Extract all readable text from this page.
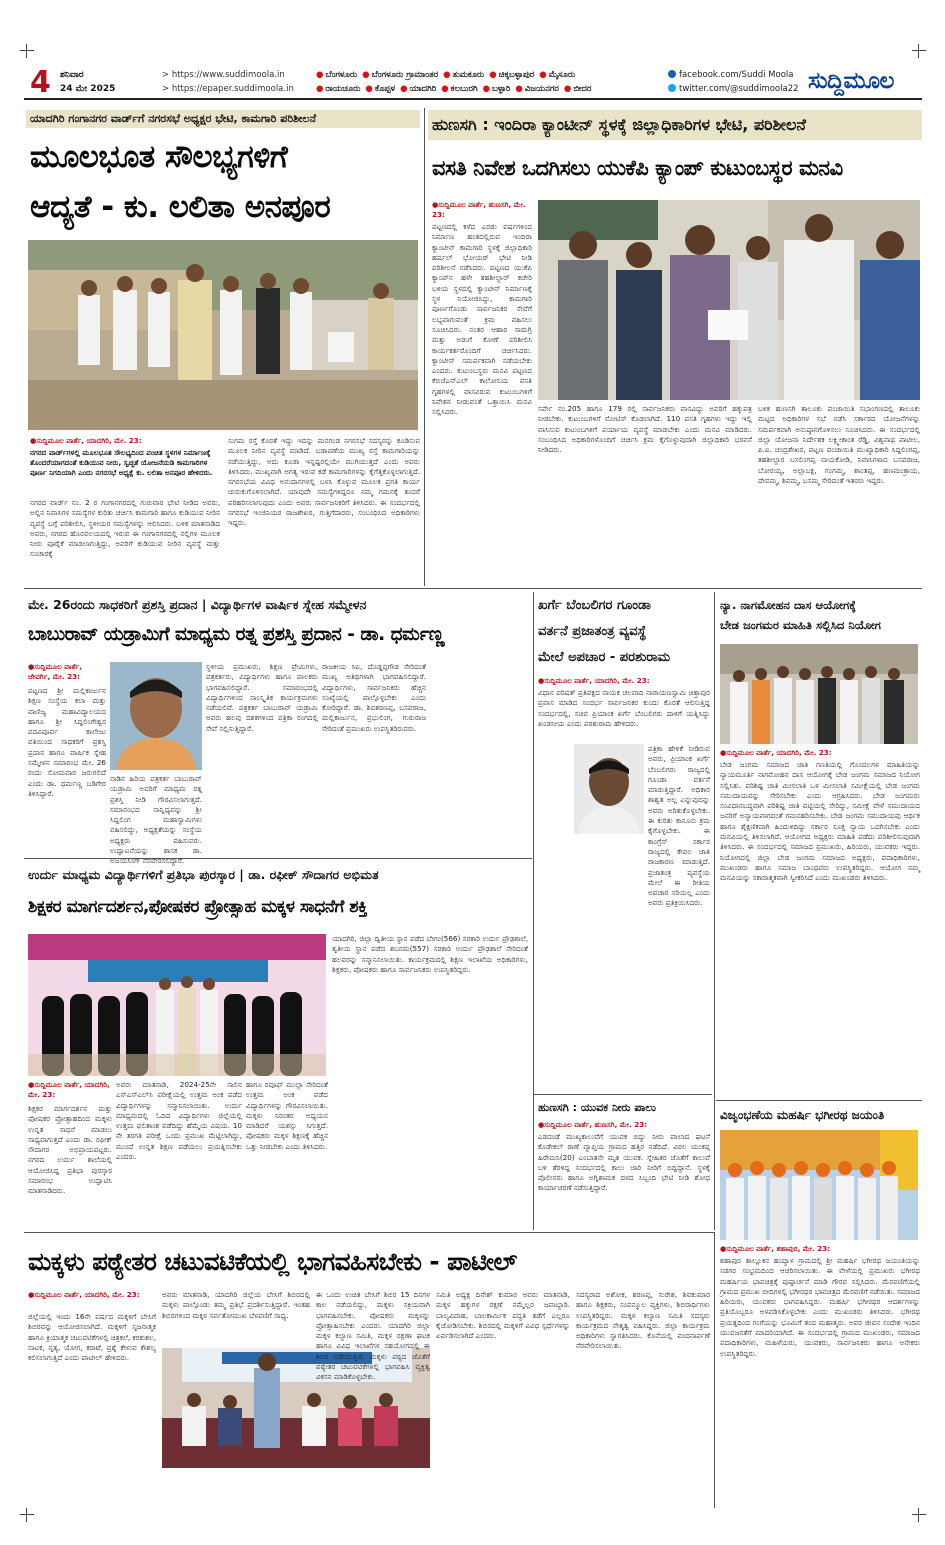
4 ಶನಿವಾರ
24 ಮೇ 2025
> https://www.suddimoola.in
> https://epaper.suddimoola.in
● ಬೆಂಗಳೂರು ● ಬೆಂಗಳೂರು ಗ್ರಾಮಾಂತರ ● ತುಮಕೂರು ● ಚಿಕ್ಕಬಳ್ಳಾಪುರ ● ಮೈಸೂರು
● ರಾಯಚೂರು ● ಕೊಪ್ಪಳ ● ಯಾದಗಿರಿ ● ಕಲಬುರಗಿ ● ಬಳ್ಳಾರಿ ● ವಿಜಯನಗರ ● ಬೀದರ
facebook.com/Suddi Moola
twitter.com/@suddimoola22 ಸುದ್ದಿಮೂಲ
ಯಾದಗಿರಿ ಗಂಗಾನಗರ ವಾರ್ಡ್‌ಗೆ ನಗರಸಭೆ ಅಧ್ಯಕ್ಷರ ಭೇಟಿ, ಕಾಮಗಾರಿ ಪರಿಶೀಲನೆ
ಮೂಲಭೂತ ಸೌಲಭ್ಯಗಳಿಗೆ
ಆದ್ಯತೆ - ಕು. ಲಲಿತಾ ಅನಪೂರ
●ಸುದ್ದಿಮೂಲ ವಾರ್ತೆ, ಯಾದಗಿರಿ, ಮೇ. 23:
ನಗರದ ವಾರ್ಡ್‌ಗಳಲ್ಲಿ ಮೂಲಭೂತ ಸೌಲಭ್ಯದಿಂದ ವಂಚಿತ ಸ್ಥಳಗಳ ನಿರ್ಮಾಣಕ್ಕೆ ತೊಂದರೆಯಾಗದಂತೆ ಕುಡಿಯುವ ನೀರು, ಸ್ವಚ್ಛತೆ ಯೋಜನೆಯಡಿ ಕಾಮಗಾರಿಗಳ ಪೂರ್ಣ ನಿಗದಿಯಾಗಿ ಎಂದು ನಗರಸಭೆ ಅಧ್ಯಕ್ಷೆ ಕು. ಲಲಿತಾ ಅನಪೂರ ಹೇಳಿದರು.
ನಗರದ ವಾರ್ಡ್ ನಂ. 2 ರ ಗಂಗಾನಗರದಲ್ಲಿ ಗುರುವಾರ ಭೇಟಿ ನೀಡಿದ ಅವರು, ಅಲ್ಲಿನ ನಿವಾಸಿಗಳ ಸಮಸ್ಯೆಗಳ ಕುರಿತು ಚರ್ಚಿಸಿ ಕಾಮಗಾರಿ ಹಾಗೂ ಕುಡಿಯುವ ನೀರಿನ ವ್ಯವಸ್ಥೆ ಬಗ್ಗೆ ಪರಿಶೀಲಿಸಿ, ಸ್ಥಳೀಯರ ಸಮಸ್ಯೆಗಳನ್ನು ಆಲಿಸಿದರು. ಬಳಿಕ ಮಾತನಾಡಿದ ಅವರು, ನಗರದ ಹೊರವಲಯದಲ್ಲಿ ಇರುವ ಈ ಗಂಗಾನಗರದಲ್ಲಿ ನಲ್ಲಿಗಳ ಮೂಲಕ ನೀರು ಪೂರೈಕೆ ಮಾಡಲಾಗುತ್ತಿದ್ದು, ಅವರಿಗೆ ಕುಡಿಯುವ ನೀರಿನ ವ್ಯವಸ್ಥೆ ಮತ್ತು ಸಂಚಾರಕ್ಕೆ
ಸುಗಮ ರಸ್ತೆ ಕೊರತೆ ಇದ್ದು ಇದನ್ನು ಮನಗಂಡ ನಗರಸಭೆ ಸದಸ್ಯರನ್ನು ಕೂಡಿಸುವ ಮೂಲಕ ನೀರಿನ ವ್ಯವಸ್ಥೆ ಮಾಡಿದೆ. ಬಡಾವಣೆಯ ಮುಖ್ಯ ರಸ್ತೆ ಕಾಮಗಾರಿಯನ್ನು ನಡೆಯುತ್ತಿದ್ದು, ಅದು ಕೂಡಾ ಇನ್ನಷ್ಟರಲ್ಲಿಯೇ ಮುಗಿಯುತ್ತದೆ ಎಂದು ಅವರು ತಿಳಿಸಿದರು. ಮುಖ್ಯವಾಗಿ ಅಗತ್ಯ ಇರುವ ಕಡೆ ಕಾಮಗಾರಿಗಳನ್ನು ಕೈಗೆತ್ತಿಕೊಳ್ಳಲಾಗುತ್ತಿದೆ. ನಗರಸಭೆಯ ವಿವಿಧ ಅನುದಾನಗಳಲ್ಲಿ ಬಳಸಿ ಕೊಳ್ಳುವ ಮೂಲಕ ಪ್ರಗತಿ ಕಾರ್ಯ ಚುರುಕುಗೊಳಿಸಲಾಗಿದೆ. ಯಾವುದೇ ಸಮಸ್ಯೆಗಳಿದ್ದರೂ ನಮ್ಮ ಗಮನಕ್ಕೆ ತಂದರೆ ಪರಿಹರಿಸಲಾಗುವುದು ಎಂದು ಅವರು ಸಾರ್ವಜನಿಕರಿಗೆ ತಿಳಿಸಿದರು. ಈ ಸಂದರ್ಭದಲ್ಲಿ ನಗರಸಭೆ ಇಂಜಿನಿಯರ ರಾಜಶೇಖರ, ಗುತ್ತಿಗೆದಾರರು, ಸಂಬಂಧಿಸಿದ ಅಧಿಕಾರಿಗಳು ಇದ್ದರು.
ಹುಣಸಗಿ : ಇಂದಿರಾ ಕ್ಯಾಂಟೀನ್ ಸ್ಥಳಕ್ಕೆ ಜಿಲ್ಲಾಧಿಕಾರಿಗಳ ಭೇಟಿ, ಪರಿಶೀಲನೆ
ವಸತಿ ನಿವೇಶ ಒದಗಿಸಲು ಯುಕೆಪಿ ಕ್ಯಾಂಪ್ ಕುಟುಂಬಸ್ಥರ ಮನವಿ
●ಸುದ್ದಿಮೂಲ ವಾರ್ತೆ, ಹುಣಸಗಿ, ಮೇ. 23:
ಪಟ್ಟಣದಲ್ಲಿ ಕಳೆದ ಎರಡು ವರ್ಷಗಳಿಂದ ನಿರ್ಮಾಣ ಹಂತದಲ್ಲಿರುವ ಇಂದಿರಾ ಕ್ಯಾಂಟೀನ್ ಕಾಮಗಾರಿ ಸ್ಥಳಕ್ಕೆ ಜಿಲ್ಲಾಧಿಕಾರಿ ಹರ್ಷಲ್ ಭೋಯರ್ ಭೇಟಿ ನೀಡಿ ಪರಿಶೀಲನೆ ನಡೆಸಿದರು. ಪಟ್ಟಣದ ಯುಕೆಪಿ ಕ್ಯಾಂಪ್‌ನ ಹಳೇ ತಹಶೀಲ್ದಾರ್ ಕಚೇರಿ ಬಳಿಯ ಸ್ಥಳದಲ್ಲಿ ಕ್ಯಾಂಟೀನ್ ನಿರ್ಮಾಣಕ್ಕೆ ಸ್ಥಳ ನಿಯೋಜಿಸಿದ್ದು, ಕಾಮಗಾರಿ ಪೂರ್ಣಗೊಂಡು ಸಾರ್ವಜನಿಕರ ಸೇವೆಗೆ ಲಭ್ಯವಾಗುವಂತೆ ಕ್ರಮ ವಹಿಸಲು ಸೂಚಿಸಿದರು. ನಂತರ ಆಹಾರ ಸಾಮಗ್ರಿ ಮತ್ತು ಅಡುಗೆ ಕೋಣೆ ಪರಿಶೀಲಿಸಿ ಕಾರ್ಯಕರ್ತರೊಂದಿಗೆ ಚರ್ಚಿಸಿದರು. ಕ್ಯಾಂಟೀನ್ ಸಮರ್ಪಕವಾಗಿ ನಡೆಯಬೇಕು ಎಂದರು. ಕುಟುಂಬಸ್ಥರು ಮನವಿ ಪಟ್ಟಣದ ಕೆಬಿಜೆಎನ್‌ಎಲ್ ಕಾಲೋನಿಯ ವಸತಿ ಗೃಹಗಳಲ್ಲಿ ವಾಸವಿರುವ ಕುಟುಂಬಗಳಿಗೆ ನಿವೇಶನ ನೀಡುವಂತೆ ಒತ್ತಾಯಿಸಿ ಮನವಿ ಸಲ್ಲಿಸಿದರು.	ಸರ್ವೇ ನಂ.205 ಹಾಗೂ 179 ರಲ್ಲಿ ಸಾರ್ವಜನಿಕರು ವಾಸವಿದ್ದು ಅವರಿಗೆ ಹಕ್ಕುಪತ್ರ ನೀಡಬೇಕು. ಕುಟುಂಬಗಳಿಗೆ ನೋಟಿಸ್ ಕೊಡಲಾಗಿದೆ. 110 ವಸತಿ ಗೃಹಗಳು ಇದ್ದು ಇಲ್ಲಿ ವಾಸಿಸುವ ಕುಟುಂಬಗಳಿಗೆ ಪರ್ಯಾಯ ವ್ಯವಸ್ಥೆ ಮಾಡಬೇಕು ಎಂದು ಮನವಿ ಮಾಡಿದರು. ಸಂಬಂಧಿಸಿದ ಅಧಿಕಾರಿಗಳೊಂದಿಗೆ ಚರ್ಚಿಸಿ ಕ್ರಮ ಕೈಗೊಳ್ಳುವುದಾಗಿ ಜಿಲ್ಲಾಧಿಕಾರಿ ಭರವಸೆ ನೀಡಿದರು.
ಬಳಿಕ ಹುಣಸಗಿ ತಾಲೂಕು ಪಂಚಾಯಿತಿ ಸಭಾಂಗಣದಲ್ಲಿ ತಾಲೂಕು ಮಟ್ಟದ ಅಧಿಕಾರಿಗಳ ಸಭೆ ನಡೆಸಿ ಸರ್ಕಾರದ ಯೋಜನೆಗಳನ್ನು ಸಮರ್ಪಕವಾಗಿ ಅನುಷ್ಠಾನಗೊಳಿಸಲು ಸೂಚಿಸಿದರು. ಈ ಸಂದರ್ಭದಲ್ಲಿ ಜಿಲ್ಲಾ ಯೋಜನಾ ನಿರ್ದೇಶಕ ಲಕ್ಷ್ಮೀಕಾಂತ ರೆಡ್ಡಿ, ವಿಶ್ವನಾಥ ಪಾಟೀಲ, ಪಿ.ಐ. ಚಂದ್ರಶೇಖರ, ಪಟ್ಟಣ ಪಂಚಾಯಿತಿ ಮುಖ್ಯಾಧಿಕಾರಿ ಸಿದ್ದಲಿಂಗಪ್ಪ, ತಹಶೀಲ್ದಾರ ಬಸಲಿಂಗಪ್ಪ ನಾಯಕೋಡಿ, ನಿವಾಸಿಗಳಾದ ಬಸವರಾಜ, ಬೋರಯ್ಯ, ಅಲ್ಲಾಬಕ್ಷ, ಗಂಗಮ್ಮ, ಶಾಂತಪ್ಪ, ಹಣಮಂತ್ರಾಯ, ದೇವಮ್ಮ, ಶಿವಮ್ಮ, ಬಸಮ್ಮ ಸೇರಿದಂತೆ ಇತರರು ಇದ್ದರು.
ಮೇ. 26ರಂದು ಸಾಧಕರಿಗೆ ಪ್ರಶಸ್ತಿ ಪ್ರದಾನ | ವಿದ್ಯಾರ್ಥಿಗಳ ವಾರ್ಷಿಕ ಸ್ನೇಹ ಸಮ್ಮೇಳನ
ಬಾಬುರಾವ್ ಯಡ್ರಾಮಿಗೆ ಮಾಧ್ಯಮ ರತ್ನ ಪ್ರಶಸ್ತಿ ಪ್ರದಾನ - ಡಾ. ಧರ್ಮಣ್ಣ
●ಸುದ್ದಿಮೂಲ ವಾರ್ತೆ, ಜೇವರ್ಗಿ, ಮೇ. 23:
ಪಟ್ಟಣದ ಶ್ರೀ ಮಲ್ಲಿಕಾರ್ಜುನ ಶಿಕ್ಷಣ ಸಂಸ್ಥೆಯ ಕಲಾ ಮತ್ತು ವಾಣಿಜ್ಯ ಮಹಾವಿದ್ಯಾಲಯದ ಹಾಗೂ ಶ್ರೀ ಸಿದ್ದಲಿಂಗೇಶ್ವರ ಪದವಿಪೂರ್ವ ಕಾಲೇಜು ವತಿಯಿಂದ ಸಾಧಕರಿಗೆ ಪ್ರಶಸ್ತಿ ಪ್ರದಾನ ಹಾಗೂ ವಾರ್ಷಿಕ ಸ್ನೇಹ ಸಮ್ಮೇಳನ ಸಮಾರಂಭ ಮೇ. 26 ರಂದು ಸೋಮವಾರ ಜರುಗಲಿದೆ ಎಂದು ಡಾ. ಧರ್ಮಣ್ಣ ಬಡಿಗೇರ ತಿಳಿಸಿದ್ದಾರೆ.
ನಾಡಿನ ಹಿರಿಯ ಪತ್ರಕರ್ತ ಬಾಬುರಾವ್ ಯಡ್ರಾಮಿ ಅವರಿಗೆ ಮಾಧ್ಯಮ ರತ್ನ ಪ್ರಶಸ್ತಿ ನೀಡಿ ಗೌರವಿಸಲಾಗುತ್ತದೆ. ಸಮಾರಂಭದ ಸಾನ್ನಿಧ್ಯವನ್ನು ಶ್ರೀ ಸಿದ್ದಲಿಂಗ ಮಹಾಸ್ವಾಮಿಗಳು ವಹಿಸಲಿದ್ದು, ಅಧ್ಯಕ್ಷತೆಯನ್ನು ಸಂಸ್ಥೆಯ ಅಧ್ಯಕ್ಷರು ವಹಿಸುವರು. ಉದ್ಘಾಟನೆಯನ್ನು ಶಾಸಕ ಡಾ. ಅಜಯಸಿಂಗ್ ನೆರವೇರಿಸಲಿದ್ದಾರೆ.
ಸ್ಥಳೀಯ ಪ್ರಮುಖರು, ಶಿಕ್ಷಣ ಪ್ರೇಮಿಗಳು, ಪತ್ರಕರ್ತರು, ವಿದ್ಯಾರ್ಥಿಗಳು ಹಾಗೂ ಪಾಲಕರು ಭಾಗವಹಿಸಲಿದ್ದಾರೆ. ಸಮಾರಂಭದಲ್ಲಿ ವಿದ್ಯಾರ್ಥಿಗಳಿಂದ ಸಾಂಸ್ಕೃತಿಕ ಕಾರ್ಯಕ್ರಮಗಳು ನಡೆಯಲಿವೆ. ಪತ್ರಕರ್ತ ಬಾಬುರಾವ್ ಯಡ್ರಾಮಿ ಅವರು ಹಲವು ದಶಕಗಳಿಂದ ಪತ್ರಿಕಾ ರಂಗದಲ್ಲಿ ಸೇವೆ ಸಲ್ಲಿಸುತ್ತಿದ್ದಾರೆ.
ರಾಜಕೀಯ ಸಿಐ, ದೊಡ್ಡಪ್ಪಗೌಡ ಸೇರಿದಂತೆ ಮುಖ್ಯ ಅತಿಥಿಗಳಾಗಿ ಭಾಗವಹಿಸಲಿದ್ದಾರೆ. ವಿದ್ಯಾರ್ಥಿಗಳು, ಸಾರ್ವಜನಿಕರು ಹೆಚ್ಚಿನ ಸಂಖ್ಯೆಯಲ್ಲಿ ಪಾಲ್ಗೊಳ್ಳಬೇಕು ಎಂದು ಕೋರಿದ್ದಾರೆ. ಡಾ. ಶಿವಶರಣಪ್ಪ, ಬಸವರಾಜ, ಮಲ್ಲಿಕಾರ್ಜುನ, ಪ್ರಭುಲಿಂಗ, ಗುರುರಾಜ ಸೇರಿದಂತೆ ಪ್ರಮುಖರು ಉಪಸ್ಥಿತರಿರುವರು.
ಖರ್ಗೆ ಬೆಂಬಲಿಗರ ಗೂಂಡಾ
ವರ್ತನೆ ಪ್ರಜಾತಂತ್ರ ವ್ಯವಸ್ಥೆ
ಮೇಲೆ ಅಪಚಾರ - ಪರಶುರಾಮ
●ಸುದ್ದಿಮೂಲ ವಾರ್ತೆ, ಯಾದಗಿರಿ, ಮೇ. 23:
ವಿಧಾನ ಪರಿಷತ್ ಪ್ರತಿಪಕ್ಷದ ನಾಯಕ ಚಲವಾದಿ ನಾರಾಯಣಸ್ವಾಮಿ ಚಿತ್ತಾಪುರ ಪ್ರವಾಸ ಮಾಡಿದ ಸಂದರ್ಭ ಸಾರ್ವಜನಿಕರ ಕುಂದು ಕೊರತೆ ಆಲಿಸುತ್ತಿದ್ದ ಸಂದರ್ಭದಲ್ಲಿ, ಸಚಿವ ಪ್ರಿಯಾಂಕ ಖರ್ಗೆ ಬೆಂಬಲಿಗರು ದಾಳಿಗೆ ಯತ್ನಿಸಿದ್ದು ಖಂಡನೀಯ ಎಂದು ಪರಶುರಾಮ ಹೇಳಿದರು.
ಪತ್ರಿಕಾ ಹೇಳಿಕೆ ನೀಡಿರುವ ಅವರು, ಪ್ರಿಯಾಂಕ ಖರ್ಗೆ ಬೆಂಬಲಿಗರು ರಾಜ್ಯದಲ್ಲಿ ಗೂಂಡಾ ವರ್ತನೆ ಮಾಡುತ್ತಿದ್ದಾರೆ. ಅಧಿಕಾರ ಶಾಶ್ವತ ಅಲ್ಲ ಎನ್ನುವುದನ್ನು ಅವರು ಅರಿತುಕೊಳ್ಳಬೇಕು. ಈ ಕುರಿತು ಕಾನೂನು ಕ್ರಮ ಕೈಗೊಳ್ಳಬೇಕು. ಈ ಕಾಂಗ್ರೆಸ್ ಸರ್ಕಾರ ರಾಜ್ಯದಲ್ಲಿ ಕೇವಲ ಜಾತಿ ರಾಜಕಾರಣ ಮಾಡುತ್ತಿದೆ. ಪ್ರಜಾತಂತ್ರ ವ್ಯವಸ್ಥೆಯ ಮೇಲೆ ಈ ರೀತಿಯ ಅಪಚಾರ ಸರಿಯಲ್ಲ ಎಂದು ಅವರು ಪ್ರತಿಕ್ರಿಯಿಸಿದರು.
ನ್ಯಾ. ನಾಗಮೋಹನ ದಾಸ ಆಯೋಗಕ್ಕೆ
ಬೇಡ ಜಂಗಮರ ಮಾಹಿತಿ ಸಲ್ಲಿಸಿದ ನಿಯೋಗ
●ಸುದ್ದಿಮೂಲ ವಾರ್ತೆ, ಯಾದಗಿರಿ, ಮೇ. 23:
ಬೇಡ ಜಂಗಮ ಸಮಾಜದ ಜಾತಿ ಗಣತಿಯಲ್ಲಿ ಗೊಂದಲಗಳ ಮಾಹಿತಿಯನ್ನು ನ್ಯಾಯಮೂರ್ತಿ ನಾಗಮೋಹನ ದಾಸ ಆಯೋಗಕ್ಕೆ ಬೇಡ ಜಂಗಮ ಸಮಾಜದ ನಿಯೋಗ ಸಲ್ಲಿಸಿತು. ಪರಿಶಿಷ್ಟ ಜಾತಿ ಮೀಸಲಾತಿ ಒಳ ಮೀಸಲಾತಿ ಸಮೀಕ್ಷೆಯಲ್ಲಿ ಬೇಡ ಜಂಗಮ ಸಮುದಾಯವನ್ನು ಸೇರಿಸಬೇಕು ಎಂದು ಆಗ್ರಹಿಸಿದರು. ಬೇಡ ಜಂಗಮರು ಸಂವಿಧಾನಬದ್ಧವಾಗಿ ಪರಿಶಿಷ್ಟ ಜಾತಿ ಪಟ್ಟಿಯಲ್ಲಿ ಸೇರಿದ್ದು, ಸಮೀಕ್ಷೆ ವೇಳೆ ಸಮುದಾಯದ ಜನರಿಗೆ ಅನ್ಯಾಯವಾಗದಂತೆ ಗಮನಹರಿಸಬೇಕು. ಬೇಡ ಜಂಗಮ ಸಮುದಾಯವು ಆರ್ಥಿಕ ಹಾಗೂ ಶೈಕ್ಷಣಿಕವಾಗಿ ಹಿಂದುಳಿದಿದ್ದು ಸರ್ಕಾರ ಸೂಕ್ತ ನ್ಯಾಯ ಒದಗಿಸಬೇಕು ಎಂದು ಮನವಿಯಲ್ಲಿ ತಿಳಿಸಲಾಗಿದೆ. ಆಯೋಗದ ಅಧ್ಯಕ್ಷರು ಮಾಹಿತಿ ಪಡೆದು ಪರಿಶೀಲಿಸುವುದಾಗಿ ತಿಳಿಸಿದರು. ಈ ಸಂದರ್ಭದಲ್ಲಿ ಸಮಾಜದ ಪ್ರಮುಖರು, ಹಿರಿಯರು, ಯುವಕರು ಇದ್ದರು. ನಿಯೋಗದಲ್ಲಿ ಜಿಲ್ಲಾ ಬೇಡ ಜಂಗಮ ಸಮಾಜದ ಅಧ್ಯಕ್ಷರು, ಪದಾಧಿಕಾರಿಗಳು, ಮುಖಂಡರು ಹಾಗೂ ಸಮಾಜ ಬಾಂಧವರು ಉಪಸ್ಥಿತರಿದ್ದರು. ಆಯೋಗ ನಮ್ಮ ಮನವಿಯನ್ನು ಸಕಾರಾತ್ಮಕವಾಗಿ ಸ್ವೀಕರಿಸಿದೆ ಎಂದು ಮುಖಂಡರು ತಿಳಿಸಿದರು.
ಉರ್ದು ಮಾಧ್ಯಮ ವಿದ್ಯಾರ್ಥಿಗಳಿಗೆ ಪ್ರತಿಭಾ ಪುರಸ್ಕಾರ | ಡಾ. ರಫೀಕ್ ಸೌದಾಗರ ಅಭಿಮತ
ಶಿಕ್ಷಕರ ಮಾರ್ಗದರ್ಶನ,ಪೋಷಕರ ಪ್ರೋತ್ಸಾಹ ಮಕ್ಕಳ ಸಾಧನೆಗೆ ಶಕ್ತಿ
●ಸುದ್ದಿಮೂಲ ವಾರ್ತೆ, ಯಾದಗಿರಿ, ಮೇ. 23:
ಶಿಕ್ಷಕರ ಮಾರ್ಗದರ್ಶನ ಮತ್ತು ಪೋಷಕರ ಪ್ರೋತ್ಸಾಹದಿಂದ ಮಕ್ಕಳು ಉನ್ನತ ಸಾಧನೆ ಮಾಡಲು ಸಾಧ್ಯವಾಗುತ್ತದೆ ಎಂದು ಡಾ. ರಫೀಕ್ ಸೌದಾಗರ ಅಭಿಪ್ರಾಯಪಟ್ಟರು. ನಗರದ ಉರ್ದು ಶಾಲೆಯಲ್ಲಿ ಆಯೋಜಿಸಿದ್ದ ಪ್ರತಿಭಾ ಪುರಸ್ಕಾರ ಸಮಾರಂಭ ಉದ್ಘಾಟಿಸಿ ಮಾತನಾಡಿದರು.
ಅವರು ಮಾತನಾಡಿ, 2024-25ನೇ ಸಾಲಿನ ಎಸ್ಎಸ್ಎಲ್‌ಸಿ ಪರೀಕ್ಷೆಯಲ್ಲಿ ಉತ್ತಮ ಅಂಕ ಪಡೆದ ವಿದ್ಯಾರ್ಥಿಗಳನ್ನು ಸನ್ಮಾನಿಸಲಾಯಿತು. ಉರ್ದು ಮಾಧ್ಯಮದಲ್ಲಿ ಓದಿದ ವಿದ್ಯಾರ್ಥಿಗಳು ಜಿಲ್ಲೆಯಲ್ಲಿ ಉತ್ತಮ ಫಲಿತಾಂಶ ಪಡೆದಿದ್ದು ಹೆಮ್ಮೆಯ ವಿಷಯ. 10 ನೇ ತರಗತಿ ಪರೀಕ್ಷೆ ಒಂದು ಪ್ರಮುಖ ಮೆಟ್ಟಿಲಾಗಿದ್ದು, ಮುಂದೆ ಉನ್ನತ ಶಿಕ್ಷಣ ಪಡೆಯಲು ಪ್ರಯತ್ನಿಸಬೇಕು ಎಂದರು.
ಹಾಗೂ ರವೂಫ್ ಮುಲ್ಲಾ ಸೇರಿದಂತೆ ಉತ್ತಮ ಅಂಕ ಪಡೆದ ವಿದ್ಯಾರ್ಥಿಗಳನ್ನು ಗೌರವಿಸಲಾಯಿತು. ಮಕ್ಕಳು ನಿರಂತರ ಅಧ್ಯಯನ ಮಾಡಿದರೆ ಯಶಸ್ಸು ಸಿಗುತ್ತದೆ. ಪೋಷಕರು ಮಕ್ಕಳ ಶಿಕ್ಷಣಕ್ಕೆ ಹೆಚ್ಚಿನ ಒತ್ತು ನೀಡಬೇಕು ಎಂದು ತಿಳಿಸಿದರು.
ಯಾದಗಿರಿ, ಜಿಲ್ಲಾ ದ್ವಿತೀಯ ಸ್ಥಾನ ಪಡೆದ ಬೇಗಂ(566) ಸರಕಾರಿ ಉರ್ದು ಪ್ರೌಢಶಾಲೆ, ತೃತೀಯ ಸ್ಥಾನ ಪಡೆದ ಶಬನಮ(557) ಸರಕಾರಿ ಉರ್ದು ಪ್ರೌಢಶಾಲೆ ಸೇರಿದಂತೆ ಹಲವರನ್ನು ಸನ್ಮಾನಿಸಲಾಯಿತು. ಕಾರ್ಯಕ್ರಮದಲ್ಲಿ ಶಿಕ್ಷಣ ಇಲಾಖೆಯ ಅಧಿಕಾರಿಗಳು, ಶಿಕ್ಷಕರು, ಪೋಷಕರು ಹಾಗೂ ಸಾರ್ವಜನಿಕರು ಉಪಸ್ಥಿತರಿದ್ದರು.
ಹುಣಸಗಿ : ಯುವಕ ನೀರು ಪಾಲು
●ಸುದ್ದಿಮೂಲ ವಾರ್ತೆ, ಹುಣಸಗಿ, ಮೇ. 23:
ಎಡದಂಡೆ ಮುಖ್ಯಕಾಲುವೆಗೆ ಯುವಕ ಬಿದ್ದು ನೀರು ಪಾಲಾದ ಘಟನೆ ಕೊಡೇಕಲ್ ಠಾಣೆ ವ್ಯಾಪ್ತಿಯ ಗ್ರಾಮದ ಹತ್ತಿರ ನಡೆದಿದೆ. ವಿಠಲ ಯಂಕಪ್ಪ ಹಿರೇಮನಿ(20) ಎಂಬಾತನೇ ಮೃತ ಯುವಕ. ಸ್ನೇಹಿತರ ಜೊತೆಗೆ ಕಾಲುವೆ ಬಳಿ ತೆರಳಿದ್ದ ಸಂದರ್ಭದಲ್ಲಿ ಕಾಲು ಜಾರಿ ನೀರಿಗೆ ಬಿದ್ದಿದ್ದಾನೆ. ಸ್ಥಳಕ್ಕೆ ಪೊಲೀಸರು ಹಾಗೂ ಅಗ್ನಿಶಾಮಕ ದಳದ ಸಿಬ್ಬಂದಿ ಭೇಟಿ ನೀಡಿ ಶೋಧ ಕಾರ್ಯಾಚರಣೆ ನಡೆಸುತ್ತಿದ್ದಾರೆ.
ವಿಜೃಂಭಣೆಯ ಮಹರ್ಷಿ ಭಗೀರಥ ಜಯಂತಿ
●ಸುದ್ದಿಮೂಲ ವಾರ್ತೆ, ಶಹಾಪುರ, ಮೇ. 23:
ಶಹಾಪುರ ತಾಲ್ಲೂಕಿನ ಹಯ್ಯಾಳ ಗ್ರಾಮದಲ್ಲಿ ಶ್ರೀ ಮಹರ್ಷಿ ಭಗೀರಥ ಜಯಂತಿಯನ್ನು ಸಡಗರ ಸಂಭ್ರಮದಿಂದ ಆಚರಿಸಲಾಯಿತು. ಈ ವೇಳೆಯಲ್ಲಿ ಪ್ರಮುಖರು ಭಗೀರಥ ಮಹರ್ಷಿಯ ಭಾವಚಿತ್ರಕ್ಕೆ ಪುಷ್ಪಾರ್ಚನೆ ಮಾಡಿ ಗೌರವ ಸಲ್ಲಿಸಿದರು. ಮೆರವಣಿಗೆಯಲ್ಲಿ ಗ್ರಾಮದ ಪ್ರಮುಖ ಬೀದಿಗಳಲ್ಲಿ ಭಗೀರಥರ ಭಾವಚಿತ್ರದ ಮೆರವಣಿಗೆ ನಡೆಯಿತು. ಸಮಾಜದ ಹಿರಿಯರು, ಯುವಕರು ಭಾಗವಹಿಸಿದ್ದರು. ಮಹರ್ಷಿ ಭಗೀರಥರ ಆದರ್ಶಗಳನ್ನು ಪ್ರತಿಯೊಬ್ಬರೂ ಅಳವಡಿಸಿಕೊಳ್ಳಬೇಕು ಎಂದು ಮುಖಂಡರು ತಿಳಿಸಿದರು. ಭಗೀರಥ ಪ್ರಯತ್ನದಿಂದ ಗಂಗೆಯನ್ನು ಭೂಮಿಗೆ ತಂದ ಮಹಾತ್ಮರು. ಅವರ ಜೀವನ ಸಂದೇಶ ಇಂದಿನ ಯುವಜನತೆಗೆ ಮಾದರಿಯಾಗಿದೆ. ಈ ಸಂದರ್ಭದಲ್ಲಿ ಗ್ರಾಮದ ಮುಖಂಡರು, ಸಮಾಜದ ಪದಾಧಿಕಾರಿಗಳು, ಮಹಿಳೆಯರು, ಯುವಕರು, ಸಾರ್ವಜನಿಕರು ಹಾಗೂ ಅನೇಕರು ಉಪಸ್ಥಿತರಿದ್ದರು.
ಮಕ್ಕಳು ಪಠ್ಯೇತರ ಚಟುವಟಿಕೆಯಲ್ಲಿ ಭಾಗವಹಿಸಬೇಕು - ಪಾಟೀಲ್
●ಸುದ್ದಿಮೂಲ ವಾರ್ತೆ, ಯಾದಗಿರಿ, ಮೇ. 23:
ಜಿಲ್ಲೆಯಲ್ಲಿ ಇಂದು 16ನೇ ವರ್ಷದ ಮಕ್ಕಳಿಗೆ ಬೇಸಿಗೆ ಶಿಬಿರವನ್ನು ಆಯೋಜಿಸಲಾಗಿದೆ. ಮಕ್ಕಳಿಗೆ ಸೃಜನಾತ್ಮಕ ಹಾಗೂ ಕ್ರಿಯಾತ್ಮಕ ಚಟುವಟಿಕೆಗಳಲ್ಲಿ ಚಿತ್ರಕಲೆ, ಕರಕುಶಲ, ನಾಟಕ, ನೃತ್ಯ, ಯೋಗ, ಕರಾಟೆ, ಪ್ರಶ್ನೆ ಕೇಳುವ ಕೌಶಲ್ಯ ಕಲಿಸಲಾಗುತ್ತಿದೆ ಎಂದು ಪಾಟೀಲ್ ಹೇಳಿದರು.
ಅವರು ಮಾತನಾಡಿ, ಯಾದಗಿರಿ ಜಿಲ್ಲೆಯ ಬೇಸಿಗೆ ಶಿಬಿರದಲ್ಲಿ ಮಕ್ಕಳು ಪಾಲ್ಗೊಂಡು ತಮ್ಮ ಪ್ರತಿಭೆ ಪ್ರದರ್ಶಿಸುತ್ತಿದ್ದಾರೆ. ಇಂತಹ ಶಿಬಿರಗಳಿಂದ ಮಕ್ಕಳ ಸರ್ವತೋಮುಖ ಬೆಳವಣಿಗೆ ಸಾಧ್ಯ.
ಈ ಒಂದು ಉಚಿತ ಬೇಸಿಗೆ ಶಿಬಿರ 15 ದಿನಗಳ ಕಾಲ ನಡೆಯಲಿದ್ದು, ಮಕ್ಕಳು ಸಕ್ರಿಯವಾಗಿ ಭಾಗವಹಿಸಬೇಕು. ಪೋಷಕರು ಮಕ್ಕಳನ್ನು ಪ್ರೋತ್ಸಾಹಿಸಬೇಕು ಎಂದರು. ಯಾದಗಿರಿ ಜಿಲ್ಲಾ ಮಕ್ಕಳ ಕಲ್ಯಾಣ ಸಮಿತಿ, ಮಕ್ಕಳ ರಕ್ಷಣಾ ಘಟಕ ಹಾಗೂ ವಿವಿಧ ಇಲಾಖೆಗಳ ಸಹಯೋಗದಲ್ಲಿ ಈ ಶಿಬಿರ ನಡೆಯುತ್ತಿದೆ. ಮಕ್ಕಳು ಪಠ್ಯದ ಜೊತೆಗೆ ಪಠ್ಯೇತರ ಚಟುವಟಿಕೆಗಳಲ್ಲಿ ಭಾಗವಹಿಸಿ ವ್ಯಕ್ತಿತ್ವ ವಿಕಸನ ಮಾಡಿಕೊಳ್ಳಬೇಕು.
ಸಮಿತಿ ಅಧ್ಯಕ್ಷ ದಿನೇಶ್ ಕುಮಾರ ಅವರು ಮಾತನಾಡಿ, ಮಕ್ಕಳ ಹಕ್ಕುಗಳ ರಕ್ಷಣೆ ನಮ್ಮೆಲ್ಲರ ಜವಾಬ್ದಾರಿ. ಬಾಲ್ಯವಿವಾಹ, ಬಾಲಕಾರ್ಮಿಕ ಪದ್ಧತಿ ತಡೆಗೆ ಎಲ್ಲರೂ ಕೈಜೋಡಿಸಬೇಕು. ಶಿಬಿರದಲ್ಲಿ ಮಕ್ಕಳಿಗೆ ವಿವಿಧ ಸ್ಪರ್ಧೆಗಳನ್ನು ಏರ್ಪಡಿಸಲಾಗಿದೆ ಎಂದರು.
ಸದಸ್ಯರಾದ ಅಶೋಕ, ಶರಣಪ್ಪ, ಸುರೇಶ, ಶಿವಕುಮಾರ ಹಾಗೂ ಶಿಕ್ಷಕರು, ಸಂಪನ್ಮೂಲ ವ್ಯಕ್ತಿಗಳು, ಶಿಬಿರಾರ್ಥಿಗಳು ಉಪಸ್ಥಿತರಿದ್ದರು. ಮಕ್ಕಳ ಕಲ್ಯಾಣ ಸಮಿತಿ ಸದಸ್ಯರು ಕಾರ್ಯಕ್ರಮದ ನೇತೃತ್ವ ವಹಿಸಿದ್ದರು. ಜಿಲ್ಲಾ ಕಾರ್ಯಕ್ರಮ ಅಧಿಕಾರಿಗಳು ಸ್ವಾಗತಿಸಿದರು. ಕೊನೆಯಲ್ಲಿ ವಂದನಾರ್ಪಣೆ ನೆರವೇರಿಸಲಾಯಿತು.
